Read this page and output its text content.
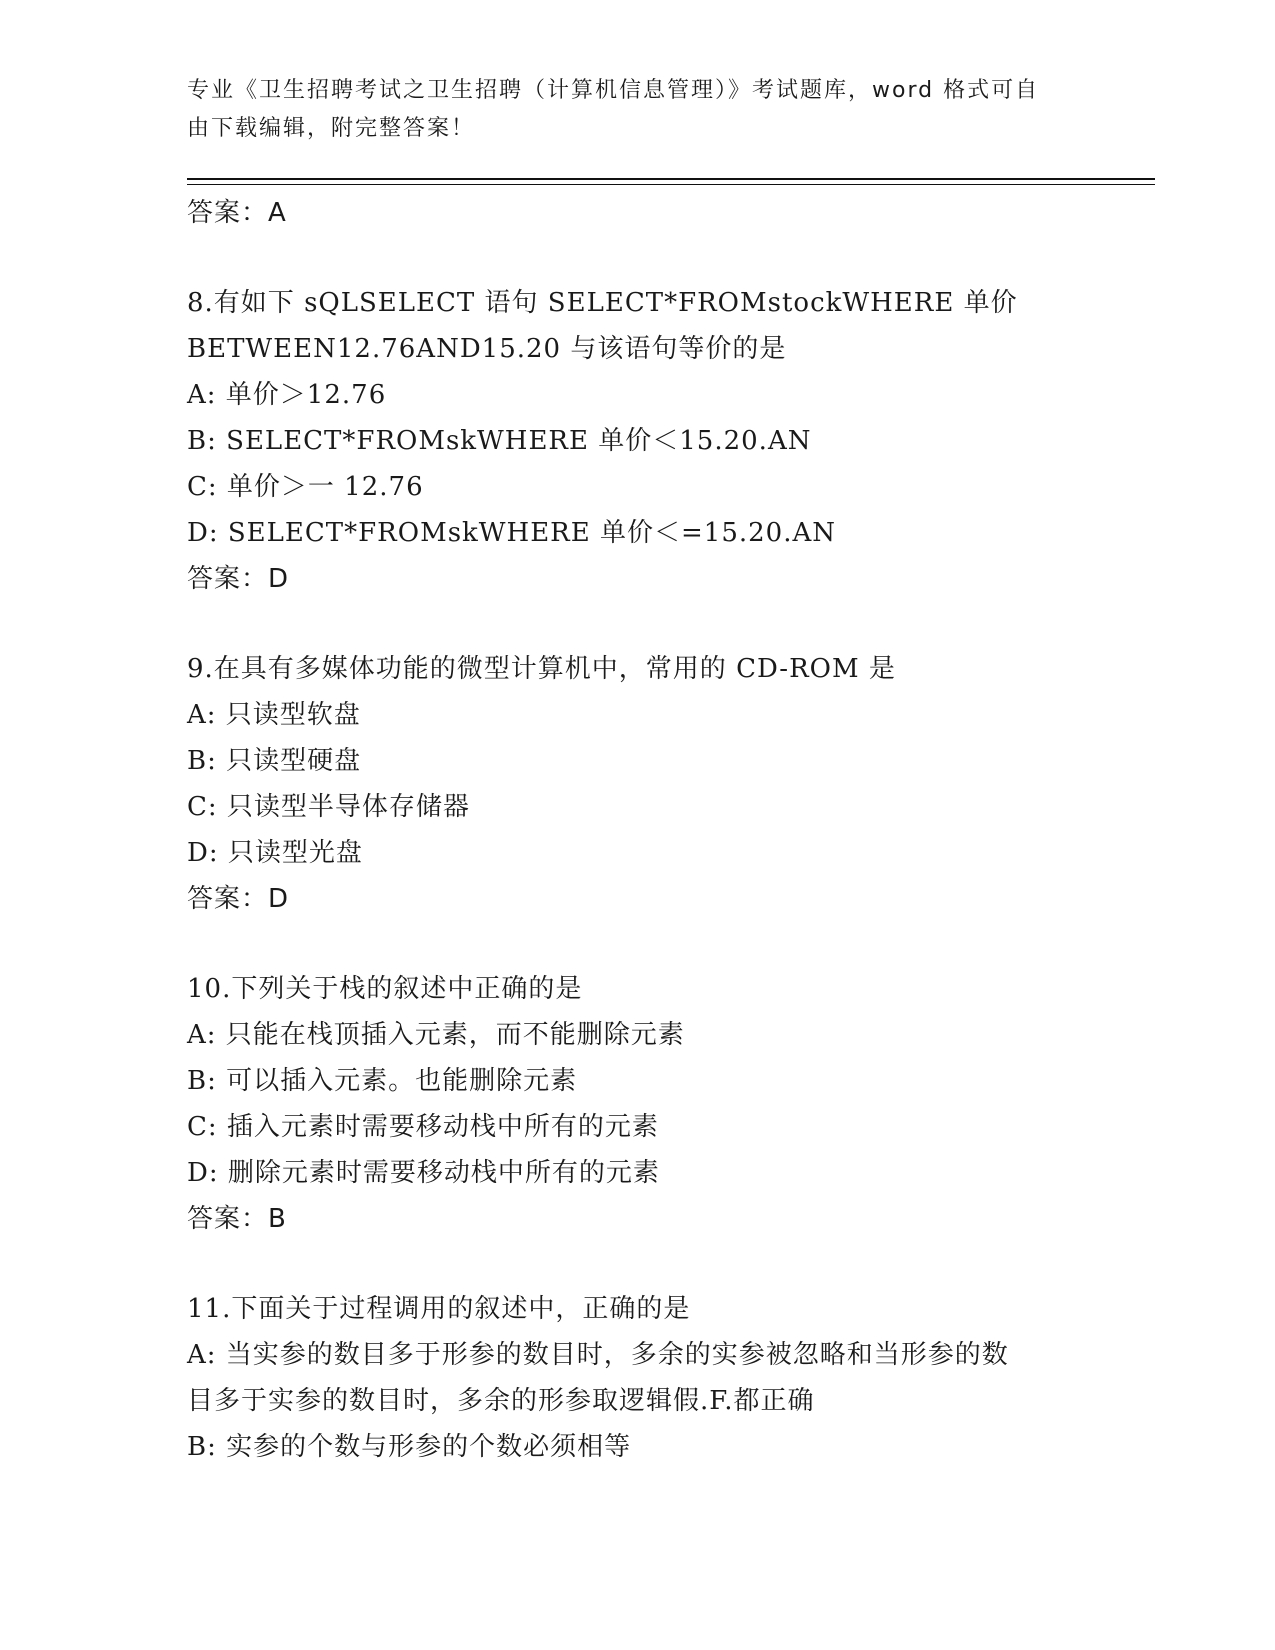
专业《卫生招聘考试之卫生招聘（计算机信息管理）》考试题库，word 格式可自
由下载编辑，附完整答案！
答案：A
8.有如下 sQLSELECT 语句 SELECT*FROMstockWHERE 单价
BETWEEN12.76AND15.20 与该语句等价的是
A: 单价＞12.76
B: SELECT*FROMskWHERE 单价＜15.20.AN
C: 单价＞一 12.76
D: SELECT*FROMskWHERE 单价＜=15.20.AN
答案：D
9.在具有多媒体功能的微型计算机中，常用的 CD-ROM 是
A: 只读型软盘
B: 只读型硬盘
C: 只读型半导体存储器
D: 只读型光盘
答案：D
10.下列关于栈的叙述中正确的是
A: 只能在栈顶插入元素，而不能删除元素
B: 可以插入元素。也能删除元素
C: 插入元素时需要移动栈中所有的元素
D: 删除元素时需要移动栈中所有的元素
答案：B
11.下面关于过程调用的叙述中，正确的是
A: 当实参的数目多于形参的数目时，多余的实参被忽略和当形参的数
目多于实参的数目时，多余的形参取逻辑假.F.都正确
B: 实参的个数与形参的个数必须相等
